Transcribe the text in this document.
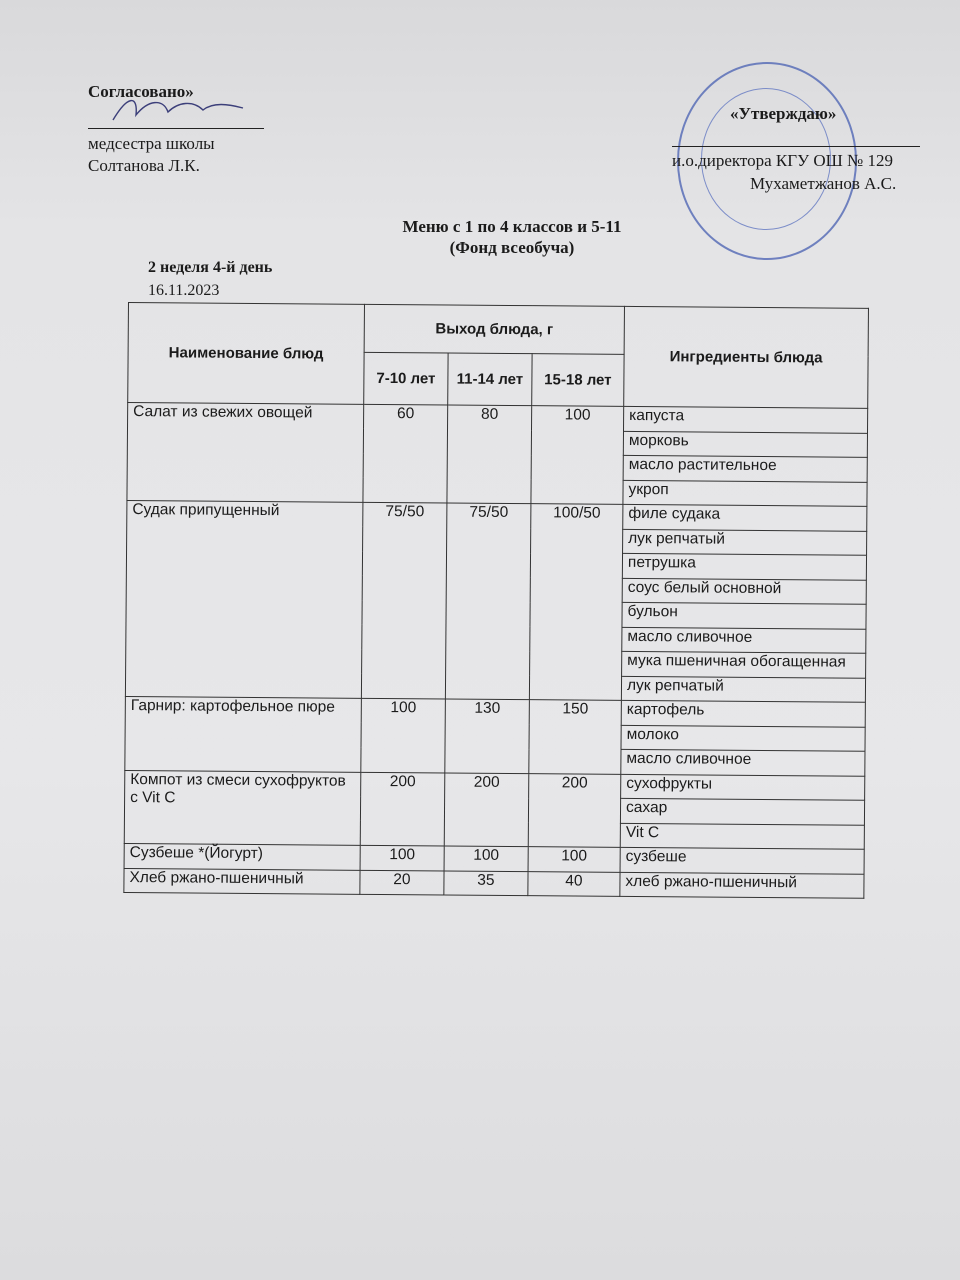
Согласовано»
медсестра школы
Солтанова Л.К.
«Утверждаю»
и.о.директора КГУ ОШ № 129
Мухаметжанов А.С.
Меню с 1 по 4 классов и 5-11
(Фонд всеобуча)
2 неделя 4-й день
16.11.2023
Наименование блюд	Выход блюда, г			Ингредиенты блюда
	7-10 лет	11-14 лет	15-18 лет	
Салат из свежих овощей	60	80	100	капуста
				морковь
				масло растительное
				укроп
Судак припущенный	75/50	75/50	100/50	филе судака
				лук репчатый
				петрушка
				соус белый основной
				бульон
				масло сливочное
				мука пшеничная обогащенная
				лук репчатый
Гарнир: картофельное пюре	100	130	150	картофель
				молоко
				масло сливочное
Компот из смеси сухофруктов с Vit C	200	200	200	сухофрукты
				сахар
				Vit C
Сузбеше *(Йогурт)	100	100	100	сузбеше
Хлеб ржано-пшеничный	20	35	40	хлеб ржано-пшеничный
